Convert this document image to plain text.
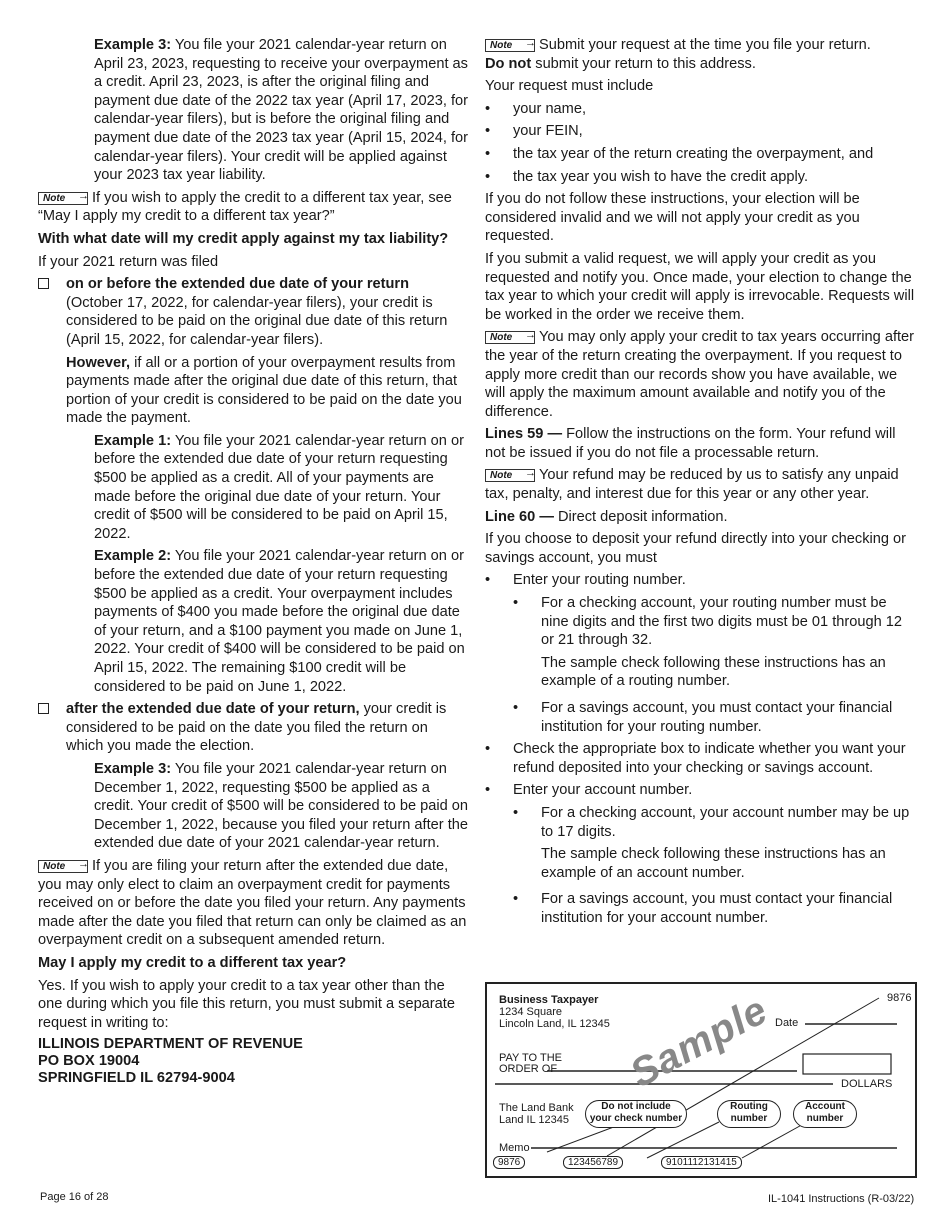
Example 3: You file your 2021 calendar-year return on April 23, 2023, requesting to receive your overpayment as a credit. April 23, 2023, is after the original filing and payment due date of the 2022 tax year (April 17, 2023, for calendar-year filers), but is before the original filing and payment due date of the 2023 tax year (April 15, 2024, for calendar-year filers). Your credit will be applied against your 2023 tax year liability.

Note → If you wish to apply the credit to a different tax year, see “May I apply my credit to a different tax year?”

With what date will my credit apply against my tax liability?

If your 2021 return was filed

on or before the extended due date of your return (October 17, 2022, for calendar-year filers), your credit is considered to be paid on the original due date of this return (April 15, 2022, for calendar-year filers).

However, if all or a portion of your overpayment results from payments made after the original due date of this return, that portion of your credit is considered to be paid on the date you made the payment.

Example 1: You file your 2021 calendar-year return on or before the extended due date of your return requesting $500 be applied as a credit. All of your payments are made before the original due date of your return. Your credit of $500 will be considered to be paid on April 15, 2022.

Example 2: You file your 2021 calendar-year return on or before the extended due date of your return requesting $500 be applied as a credit. Your overpayment includes payments of $400 you made before the original due date of your return, and a $100 payment you made on June 1, 2022. Your credit of $400 will be considered to be paid on April 15, 2022. The remaining $100 credit will be considered to be paid on June 1, 2022.

after the extended due date of your return, your credit is considered to be paid on the date you filed the return on which you made the election.

Example 3: You file your 2021 calendar-year return on December 1, 2022, requesting $500 be applied as a credit. Your credit of $500 will be considered to be paid on December 1, 2022, because you filed your return after the extended due date of your 2021 calendar-year return.

Note → If you are filing your return after the extended due date, you may only elect to claim an overpayment credit for payments received on or before the date you filed your return. Any payments made after the date you filed that return can only be claimed as an overpayment credit on a subsequent amended return.

May I apply my credit to a different tax year?

Yes. If you wish to apply your credit to a tax year other than the one during which you file this return, you must submit a separate request in writing to:

ILLINOIS DEPARTMENT OF REVENUE
PO BOX 19004
SPRINGFIELD IL 62794-9004

Note → Submit your request at the time you file your return.
Do not submit your return to this address.

Your request must include

•	your name,
•	your FEIN,
•	the tax year of the return creating the overpayment, and
•	the tax year you wish to have the credit apply.

If you do not follow these instructions, your election will be considered invalid and we will not apply your credit as you requested.

If you submit a valid request, we will apply your credit as you requested and notify you. Once made, your election to change the tax year to which your credit will apply is irrevocable. Requests will be worked in the order we receive them.

Note → You may only apply your credit to tax years occurring after the year of the return creating the overpayment. If you request to apply more credit than our records show you have available, we will apply the maximum amount available and notify you of the difference.

Lines 59 — Follow the instructions on the form. Your refund will not be issued if you do not file a processable return.

Note → Your refund may be reduced by us to satisfy any unpaid tax, penalty, and interest due for this year or any other year.

Line 60 — Direct deposit information.

If you choose to deposit your refund directly into your checking or savings account, you must

•	Enter your routing number.
•	For a checking account, your routing number must be nine digits and the first two digits must be 01 through 12 or 21 through 32.

The sample check following these instructions has an example of a routing number.

•	For a savings account, you must contact your financial institution for your routing number.
•	Check the appropriate box to indicate whether you want your refund deposited into your checking or savings account.
•	Enter your account number.
•	For a checking account, your account number may be up to 17 digits.

The sample check following these instructions has an example of an account number.

•	For a savings account, you must contact your financial institution for your account number.
9876
Business Taxpayer
1234 Square
Lincoln Land, IL 12345	Date
Sample
PAY TO THE
ORDER OF
DOLLARS
The Land Bank
Land IL 12345
Do not include
your check number
Routing
number
Account
number
Memo
9876	123456789	9101112131415
Page 16 of 28	IL-1041 Instructions (R-03/22)
